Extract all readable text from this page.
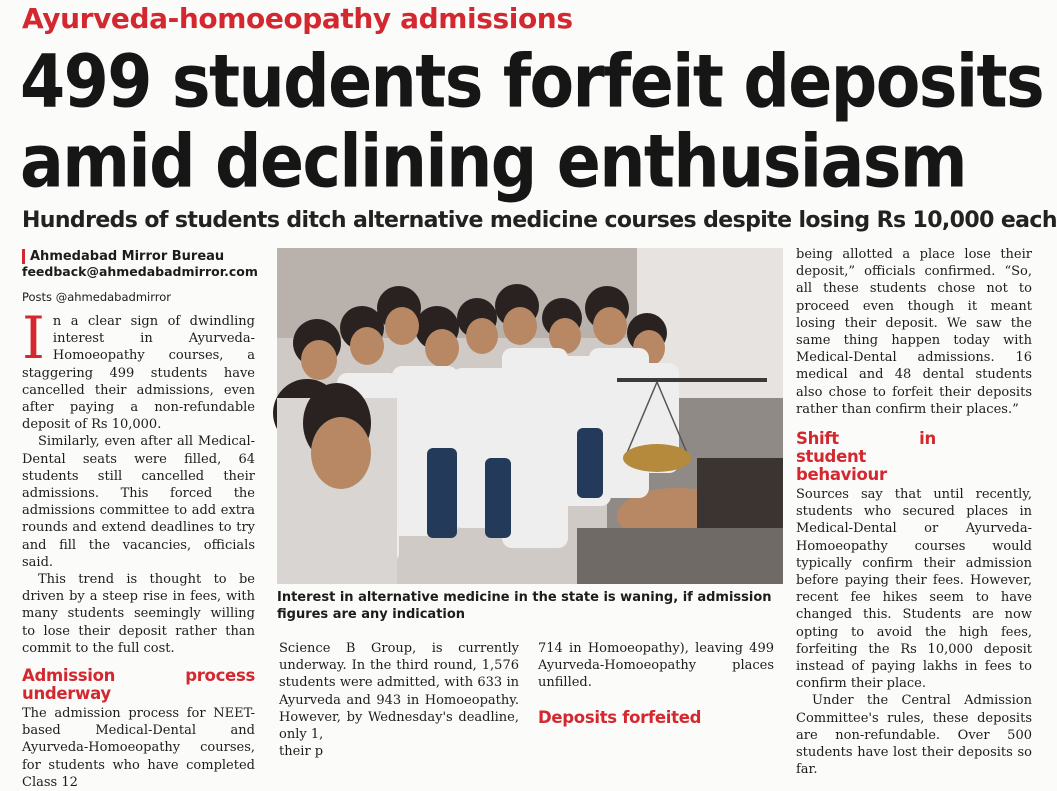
Ayurveda-homoeopathy admissions
499 students forfeit deposits
amid declining enthusiasm
Hundreds of students ditch alternative medicine courses despite losing Rs 10,000 each
Ahmedabad Mirror Bureau
feedback@ahmedabadmirror.com
Posts @ahmedabadmirror

In a clear sign of dwindling interest in Ayurveda-Homoeopathy courses, a staggering 499 students have cancelled their admissions, even after paying a non-refundable deposit of Rs 10,000.

Similarly, even after all Medical-Dental seats were filled, 64 students still cancelled their admissions. This forced the admissions committee to add extra rounds and extend deadlines to try and fill the vacancies, officials said.

This trend is thought to be driven by a steep rise in fees, with many students seemingly willing to lose their deposit rather than commit to the full cost.

Admission process underway

The admission process for NEET-based Medical-Dental and Ayurveda-Homoeopathy courses, for students who have completed Class 12

Interest in alternative medicine in the state is waning, if admission figures are any indication

Science B Group, is currently underway. In the third round, 1,576 students were admitted, with 633 in Ayurveda and 943 in Homoeopathy. However, by Wednesday's deadline, only 1,

their p

714 in Homoeopathy), leaving 499 Ayurveda-Homoeopathy places unfilled.

Deposits forfeited

being allotted a place lose their deposit,” officials confirmed. “So, all these students chose not to proceed even though it meant losing their deposit. We saw the same thing happen today with Medical-Dental admissions. 16 medical and 48 dental students also chose to forfeit their deposits rather than confirm their places.”

Shift in student behaviour

Sources say that until recently, students who secured places in Medical-Dental or Ayurveda-Homoeopathy courses would typically confirm their admission before paying their fees. However, recent fee hikes seem to have changed this. Students are now opting to avoid the high fees, forfeiting the Rs 10,000 deposit instead of paying lakhs in fees to confirm their place.

Under the Central Admission Committee's rules, these deposits are non-refundable. Over 500 students have lost their deposits so far.
